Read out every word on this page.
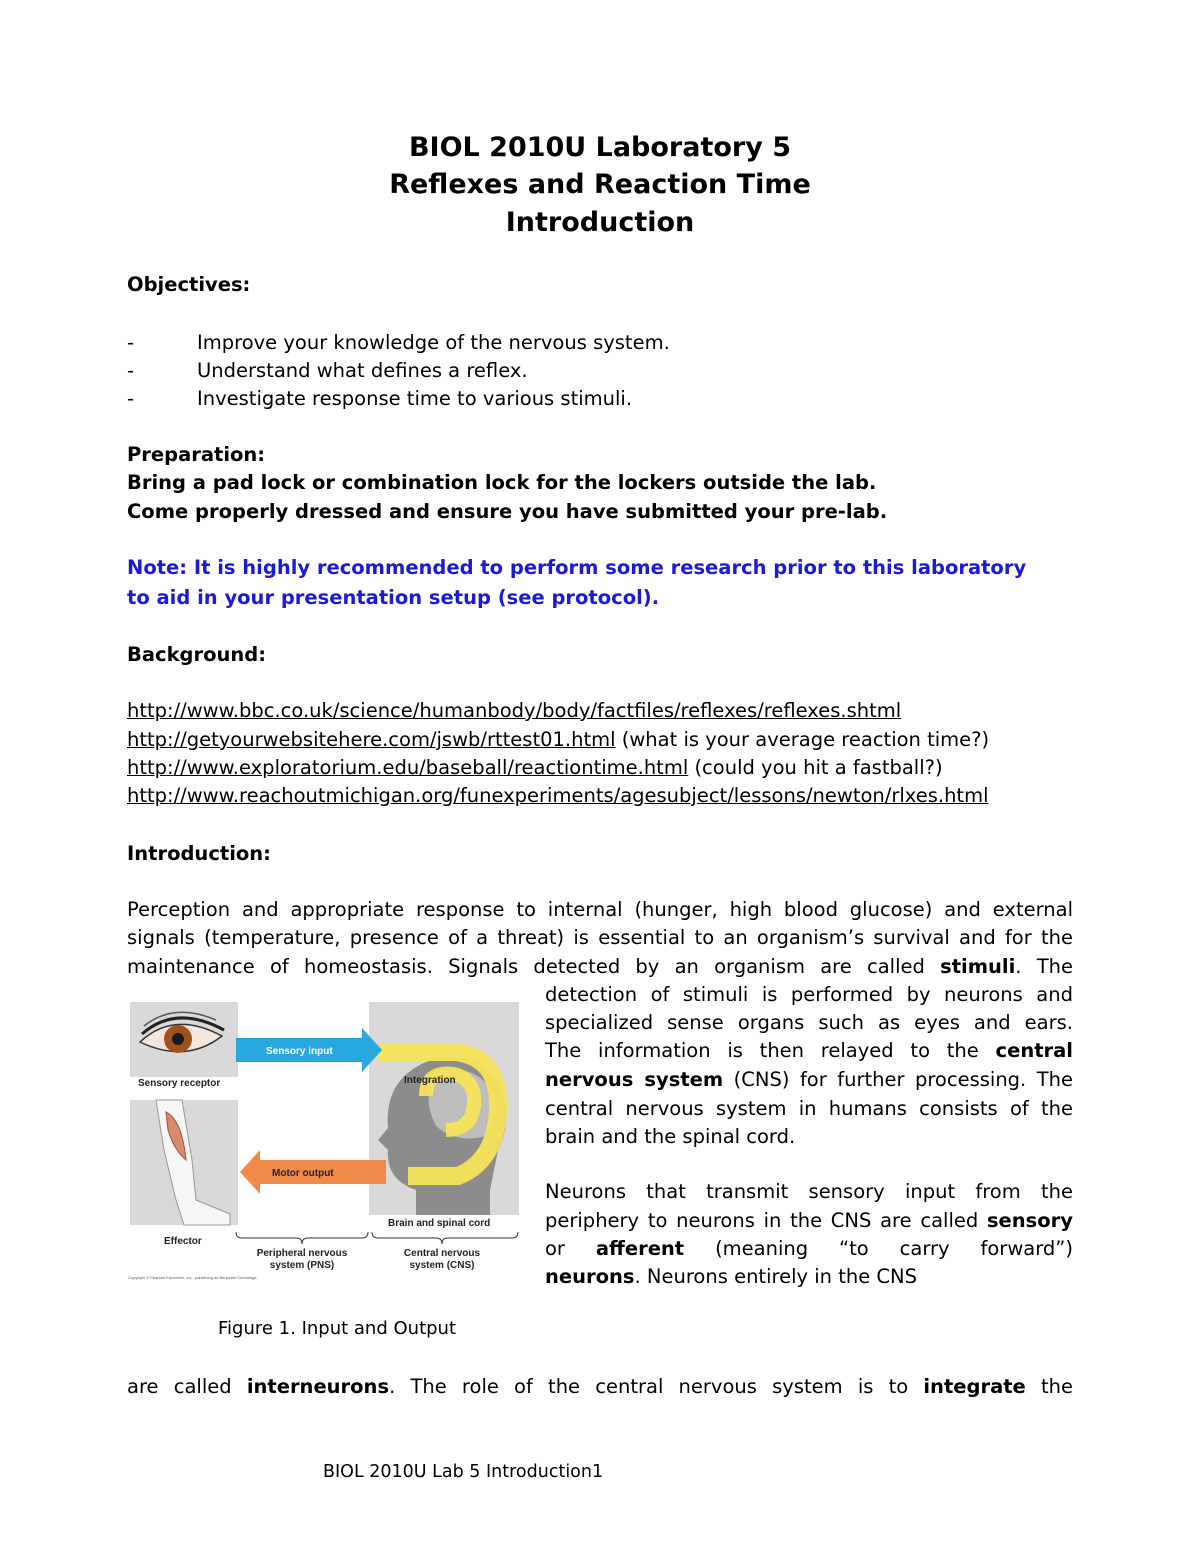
BIOL 2010U Laboratory 5
Reflexes and Reaction Time
Introduction
Objectives:
-	Improve your knowledge of the nervous system.
-	Understand what defines a reflex.
-	Investigate response time to various stimuli.
Preparation:
Bring a pad lock or combination lock for the lockers outside the lab.
Come properly dressed and ensure you have submitted your pre-lab.
Note: It is highly recommended to perform some research prior to this laboratory
to aid in your presentation setup (see protocol).
Background:
http://www.bbc.co.uk/science/humanbody/body/factfiles/reflexes/reflexes.shtml
http://getyourwebsitehere.com/jswb/rttest01.html (what is your average reaction time?)
http://www.exploratorium.edu/baseball/reactiontime.html (could you hit a fastball?)
http://www.reachoutmichigan.org/funexperiments/agesubject/lessons/newton/rlxes.html
Introduction:
Perception and appropriate response to internal (hunger, high blood glucose) and external
signals (temperature, presence of a threat) is essential to an organism’s survival and for the
maintenance of homeostasis. Signals detected by an organism are called stimuli. The
detection of stimuli is performed by neurons and
specialized sense organs such as eyes and ears.
The information is then relayed to the central
nervous system (CNS) for further processing. The
central nervous system in humans consists of the
brain and the spinal cord.
Neurons that transmit sensory input from the
periphery to neurons in the CNS are called sensory
or afferent (meaning “to carry forward”)
neurons. Neurons entirely in the CNS
Sensory receptor
Effector
Integration
Brain and spinal cord
Sensory input
Motor output
Peripheral nervous
system (PNS)
Central nervous
system (CNS)
Copyright © Pearson Education, Inc., publishing as Benjamin Cummings.
Figure 1. Input and Output
are called interneurons. The role of the central nervous system is to integrate the
BIOL 2010U Lab 5 Introduction1
